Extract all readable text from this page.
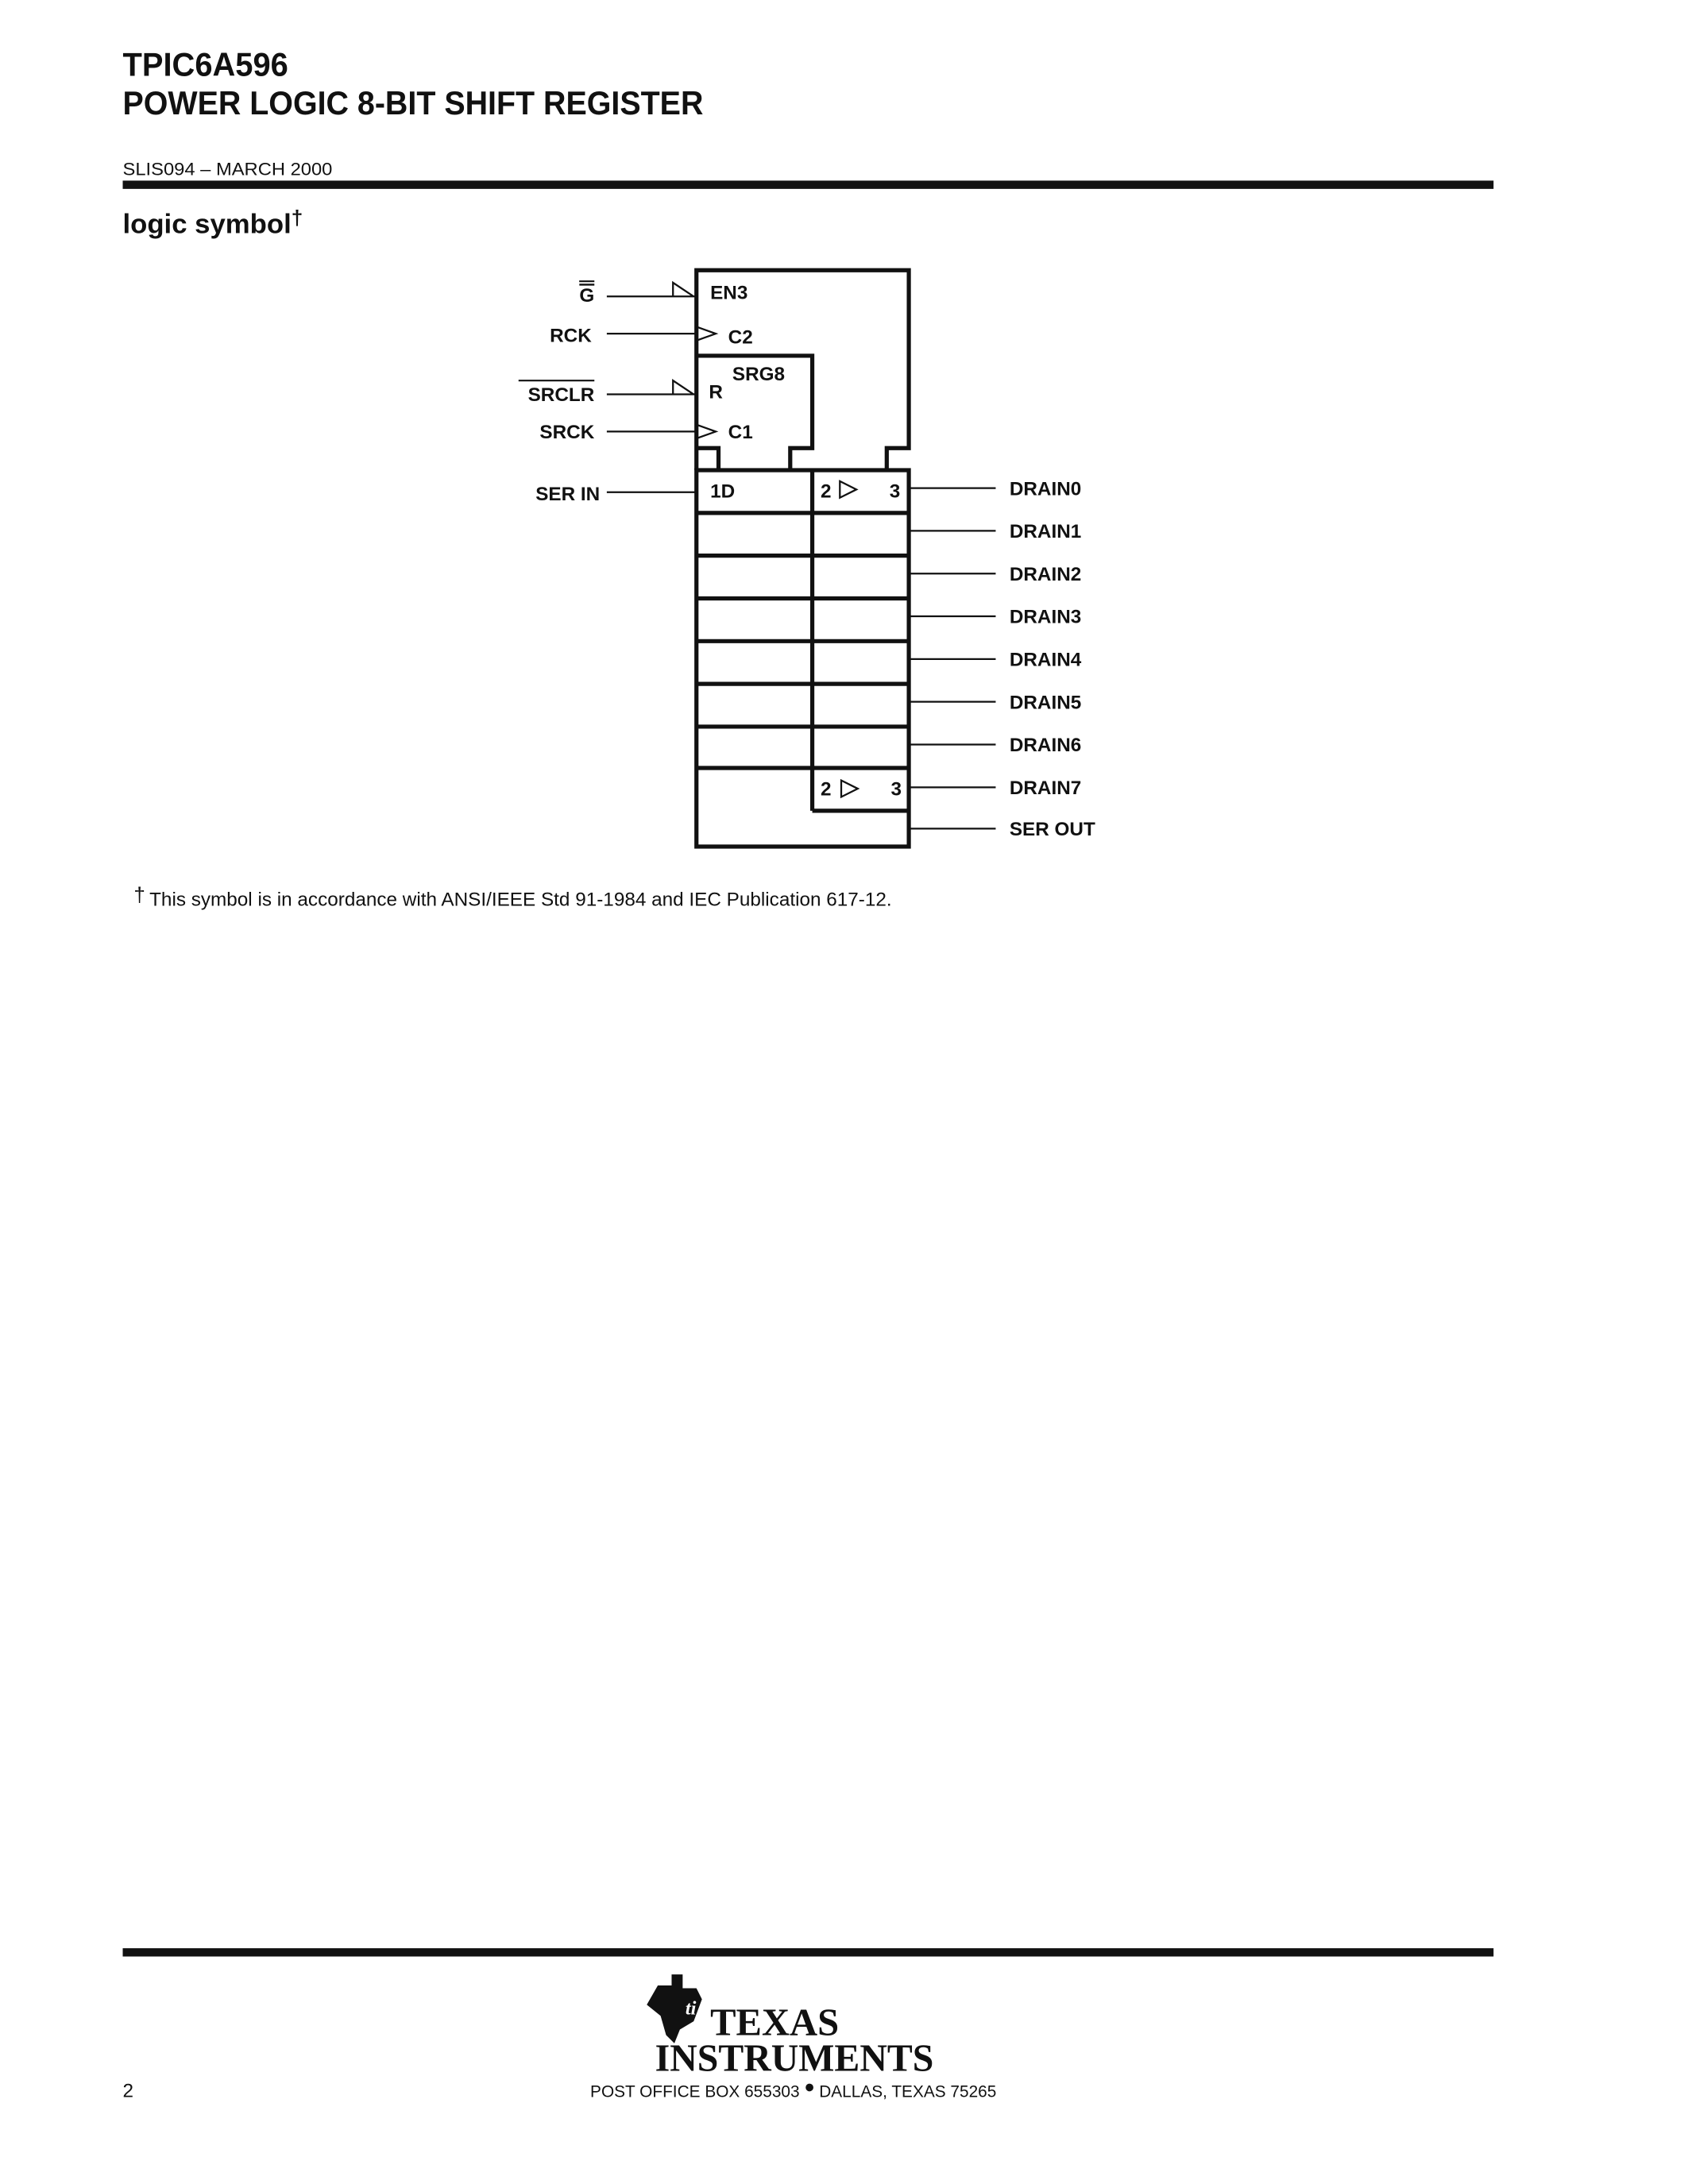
TPIC6A596
POWER LOGIC 8-BIT SHIFT REGISTER
SLIS094 – MARCH 2000
logic symbol†
G
RCK
SRCLR
SRCK
SER IN
EN3
C2
SRG8
R
C1
1D	2	3
2	3
DRAIN0
DRAIN1
DRAIN2
DRAIN3
DRAIN4
DRAIN5
DRAIN6
DRAIN7
SER OUT
† This symbol is in accordance with ANSI/IEEE Std 91-1984 and IEC Publication 617-12.
ti TEXAS
INSTRUMENTS
2	POST OFFICE BOX 655303 DALLAS, TEXAS 75265
